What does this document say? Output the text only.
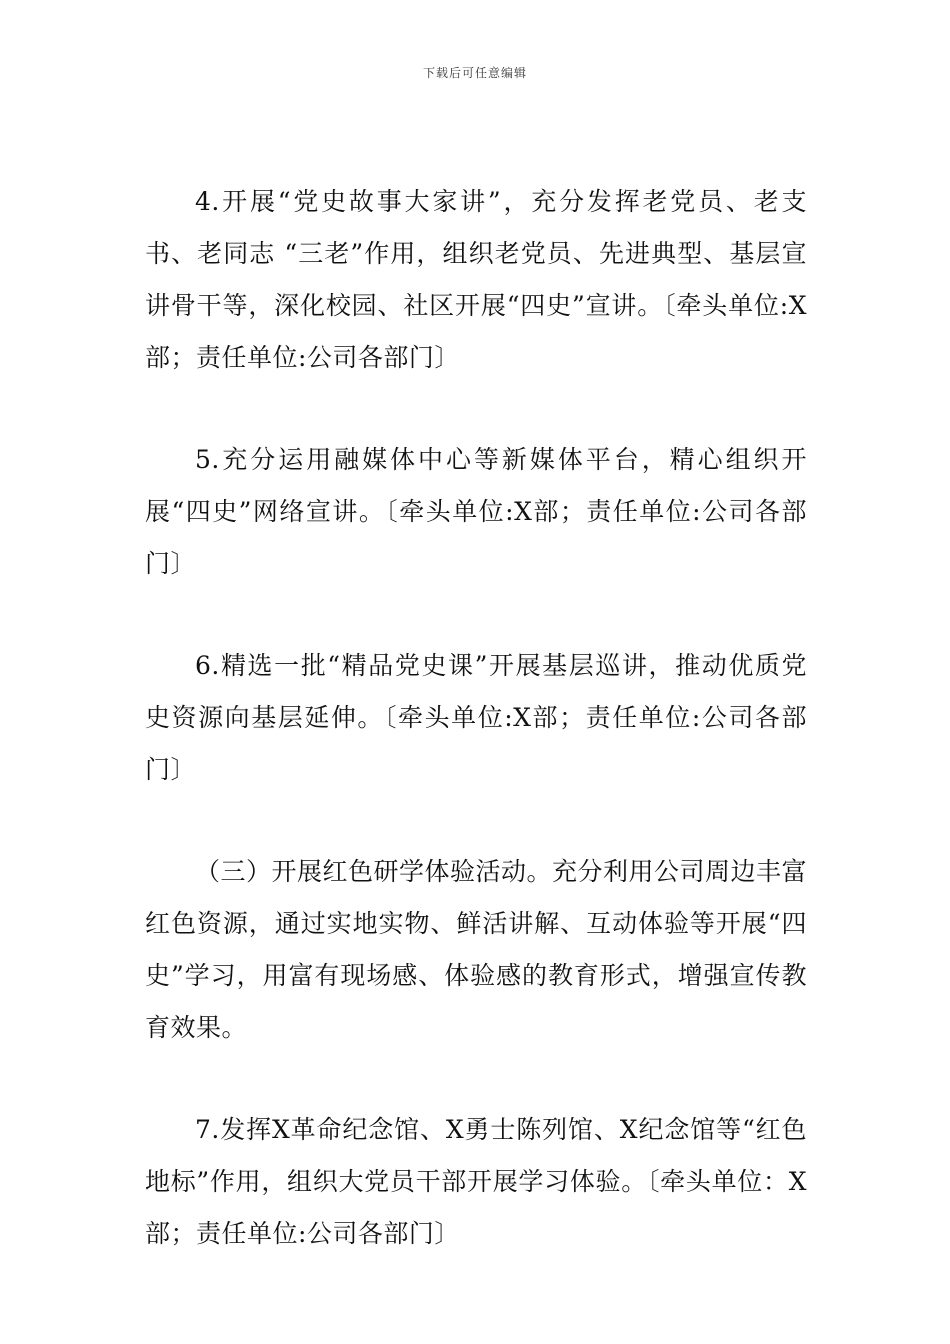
下载后可任意编辑

4.开展“党史故事大家讲”，充分发挥老党员、老支书、老同志 “三老”作用，组织老党员、先进典型、基层宣讲骨干等，深化校园、社区开展“四史”宣讲。〔牵头单位:X部；责任单位:公司各部门〕

5.充分运用融媒体中心等新媒体平台，精心组织开展“四史”网络宣讲。〔牵头单位:X部；责任单位:公司各部门〕

6.精选一批“精品党史课”开展基层巡讲，推动优质党史资源向基层延伸。〔牵头单位:X部；责任单位:公司各部门〕

（三）开展红色研学体验活动。充分利用公司周边丰富红色资源，通过实地实物、鲜活讲解、互动体验等开展“四史”学习，用富有现场感、体验感的教育形式，增强宣传教育效果。

7.发挥X革命纪念馆、X勇士陈列馆、X纪念馆等“红色地标”作用，组织大党员干部开展学习体验。〔牵头单位：X部；责任单位:公司各部门〕
